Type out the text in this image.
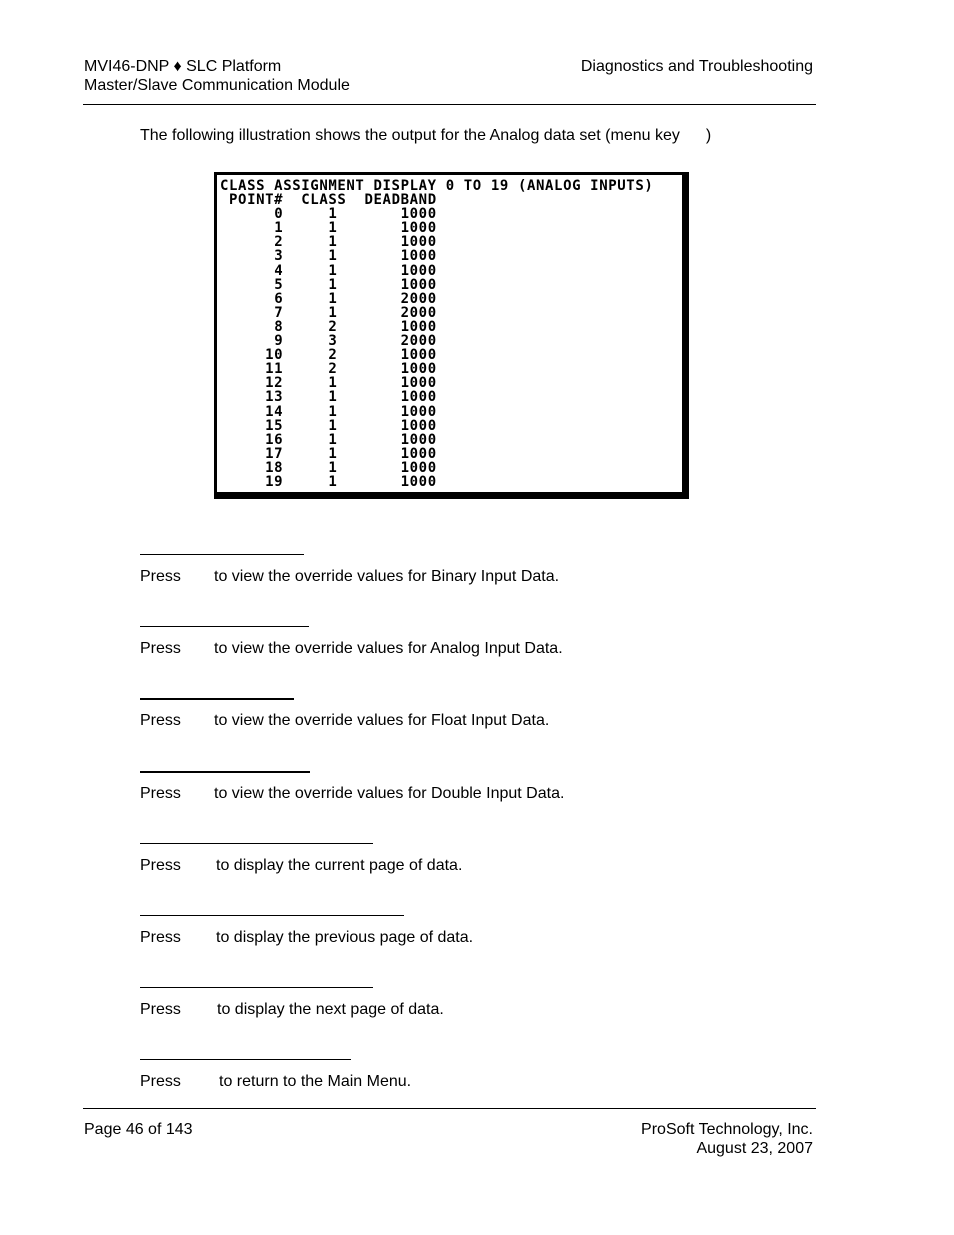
MVI46-DNP ♦ SLC Platform
Master/Slave Communication Module
Diagnostics and Troubleshooting
The following illustration shows the output for the Analog data set (menu key )
CLASS ASSIGNMENT DISPLAY 0 TO 19 (ANALOG INPUTS)
POINT# CLASS DEADBAND
0	1	1000
1	1	1000
2	1	1000
3	1	1000
4	1	1000
5	1	1000
6	1	2000
7	1	2000
8	2	1000
9	3	2000
10	2	1000
11	2	1000
12	1	1000
13	1	1000
14	1	1000
15	1	1000
16	1	1000
17	1	1000
18	1	1000
19	1	1000
Press to view the override values for Binary Input Data.
Press to view the override values for Analog Input Data.
Press to view the override values for Float Input Data.
Press to view the override values for Double Input Data.
Press to display the current page of data.
Press to display the previous page of data.
Press to display the next page of data.
Press to return to the Main Menu.
Page 46 of 143	ProSoft Technology, Inc.
August 23, 2007
